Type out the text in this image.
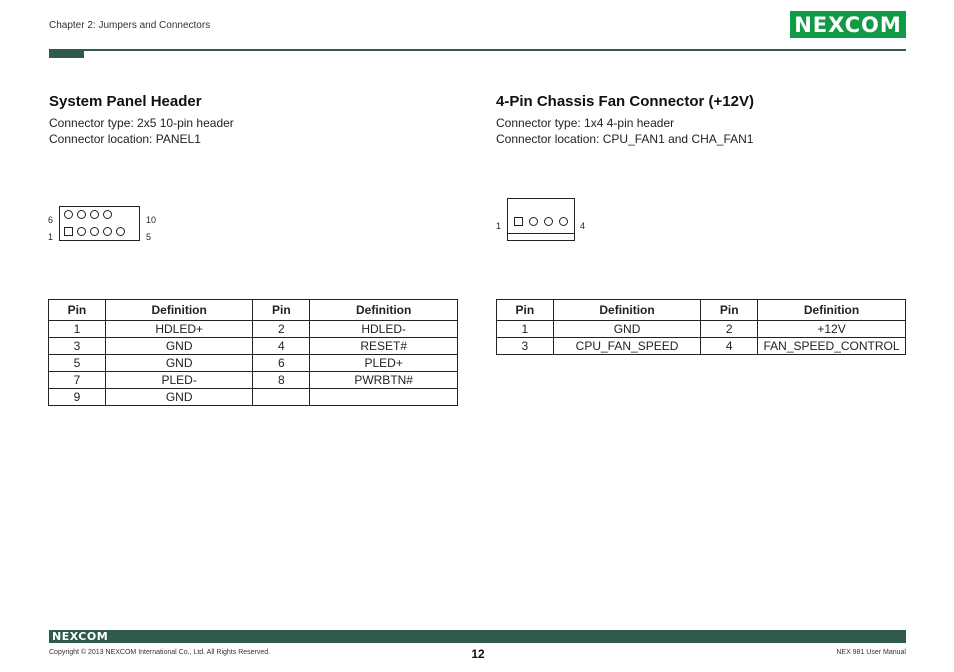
Chapter 2: Jumpers and Connectors	NEXCOM
System Panel Header
Connector type: 2x5 10-pin header
Connector location: PANEL1
6	10
1	5
Pin	Definition	Pin	Definition
1	HDLED+	2	HDLED-
3	GND	4	RESET#
5	GND	6	PLED+
7	PLED-	8	PWRBTN#
9	GND		
4-Pin Chassis Fan Connector (+12V)
Connector type: 1x4 4-pin header
Connector location: CPU_FAN1 and CHA_FAN1
1	4
Pin	Definition	Pin	Definition
1	GND	2	+12V
3	CPU_FAN_SPEED	4	FAN_SPEED_CONTROL
NEXCOM
Copyright © 2013 NEXCOM International Co., Ltd. All Rights Reserved.	12	NEX 981 User Manual
